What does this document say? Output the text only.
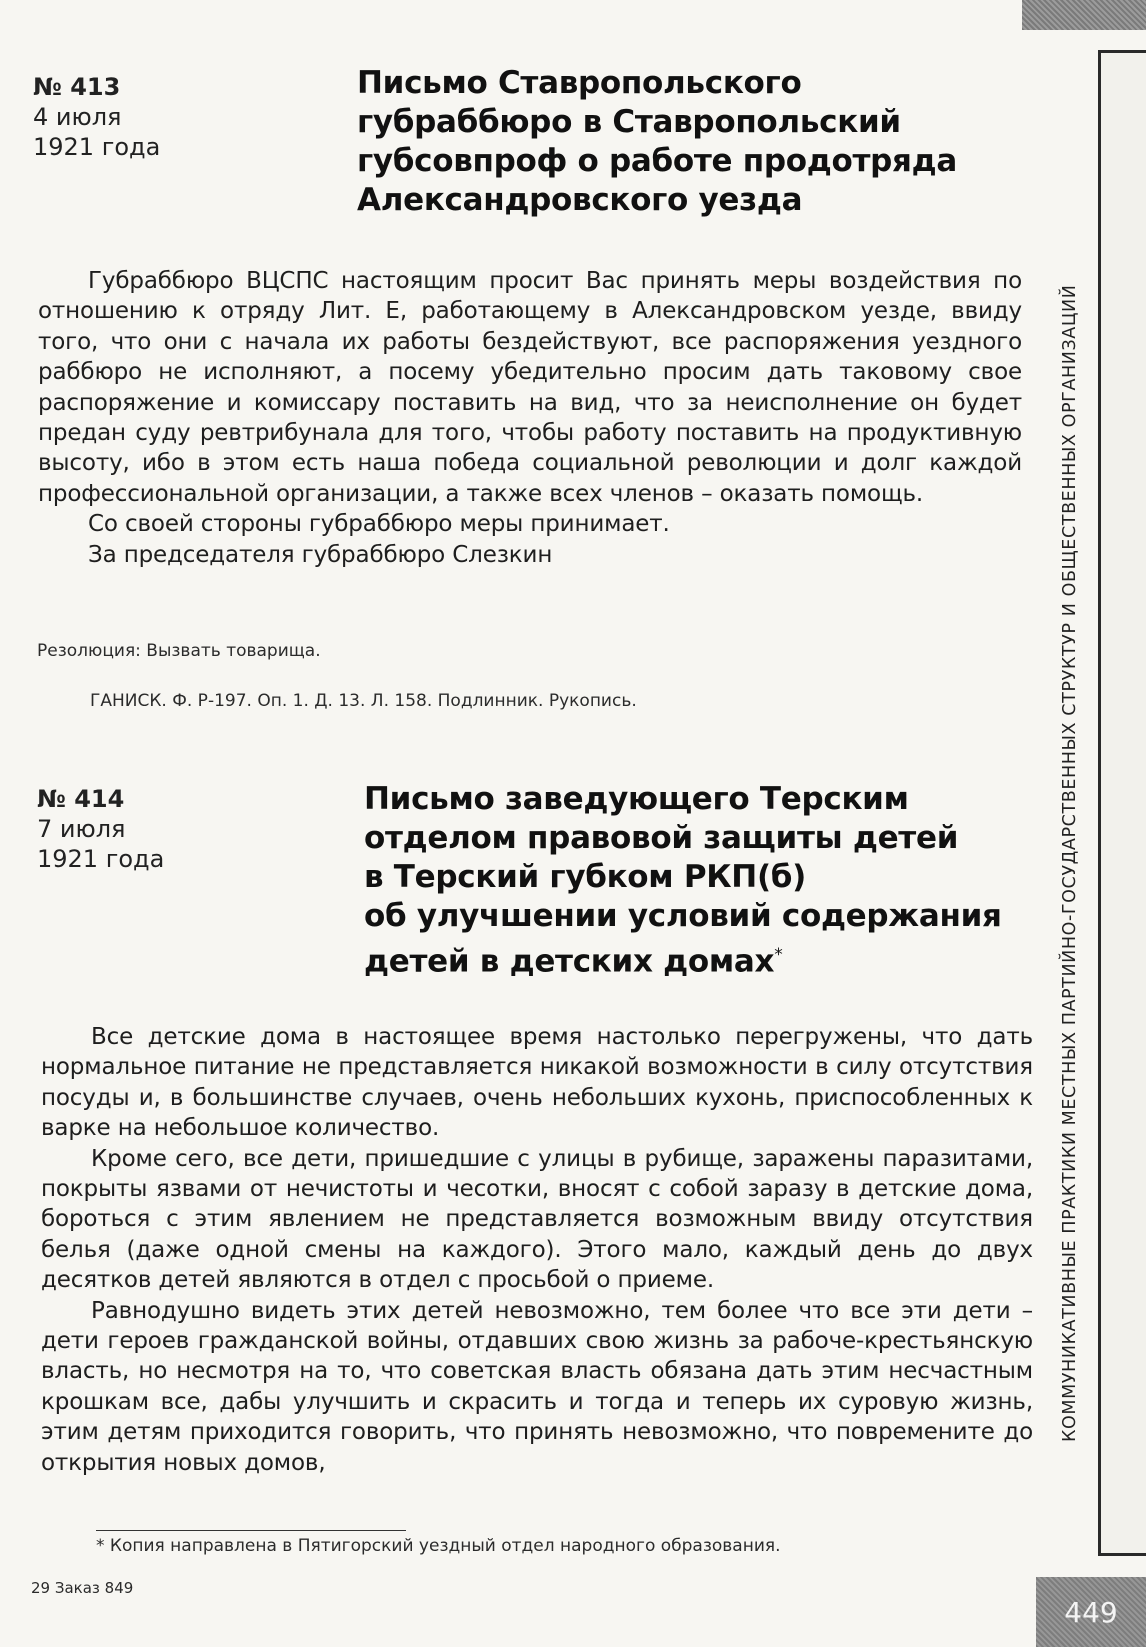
КОММУНИКАТИВНЫЕ ПРАКТИКИ МЕСТНЫХ ПАРТИЙНО-ГОСУДАРСТВЕННЫХ СТРУКТУР И ОБЩЕСТВЕННЫХ ОРГАНИЗАЦИЙ
№ 413
4 июля
1921 года
Письмо Ставропольского
губраббюро в Ставропольский
губсовпроф о работе продотряда
Александровского уезда

Губраббюро ВЦСПС настоящим просит Вас принять меры воздействия по отношению к отряду Лит. Е, работающему в Александровском уезде, ввиду того, что они с начала их работы бездействуют, все распоряжения уездного раббюро не исполняют, а посему убедительно просим дать таковому свое распоряжение и комиссару поставить на вид, что за неисполнение он будет предан суду ревтрибунала для того, чтобы работу поставить на продуктивную высоту, ибо в этом есть наша победа социальной революции и долг каждой профессиональной организации, а также всех членов – оказать помощь.

Со своей стороны губраббюро меры принимает.

За председателя губраббюро Слезкин

Резолюция: Вызвать товарища.
ГАНИСК. Ф. Р-197. Оп. 1. Д. 13. Л. 158. Подлинник. Рукопись.
№ 414
7 июля
1921 года
Письмо заведующего Терским
отделом правовой защиты детей
в Терский губком РКП(б)
об улучшении условий содержания
детей в детских домах*

Все детские дома в настоящее время настолько перегружены, что дать нормальное питание не представляется никакой возможности в силу отсутствия посуды и, в большинстве случаев, очень небольших кухонь, приспособленных к варке на небольшое количество.

Кроме сего, все дети, пришедшие с улицы в рубище, заражены паразитами, покрыты язвами от нечистоты и чесотки, вносят с собой заразу в детские дома, бороться с этим явлением не представляется возможным ввиду отсутствия белья (даже одной смены на каждого). Этого мало, каждый день до двух десятков детей являются в отдел с просьбой о приеме.

Равнодушно видеть этих детей невозможно, тем более что все эти дети – дети героев гражданской войны, отдавших свою жизнь за рабоче-крестьянскую власть, но несмотря на то, что советская власть обязана дать этим несчастным крошкам все, дабы улучшить и скрасить и тогда и теперь их суровую жизнь, этим детям приходится говорить, что принять невозможно, что повремените до открытия новых домов,

* Копия направлена в Пятигорский уездный отдел народного образования.
29 Заказ 849
449
